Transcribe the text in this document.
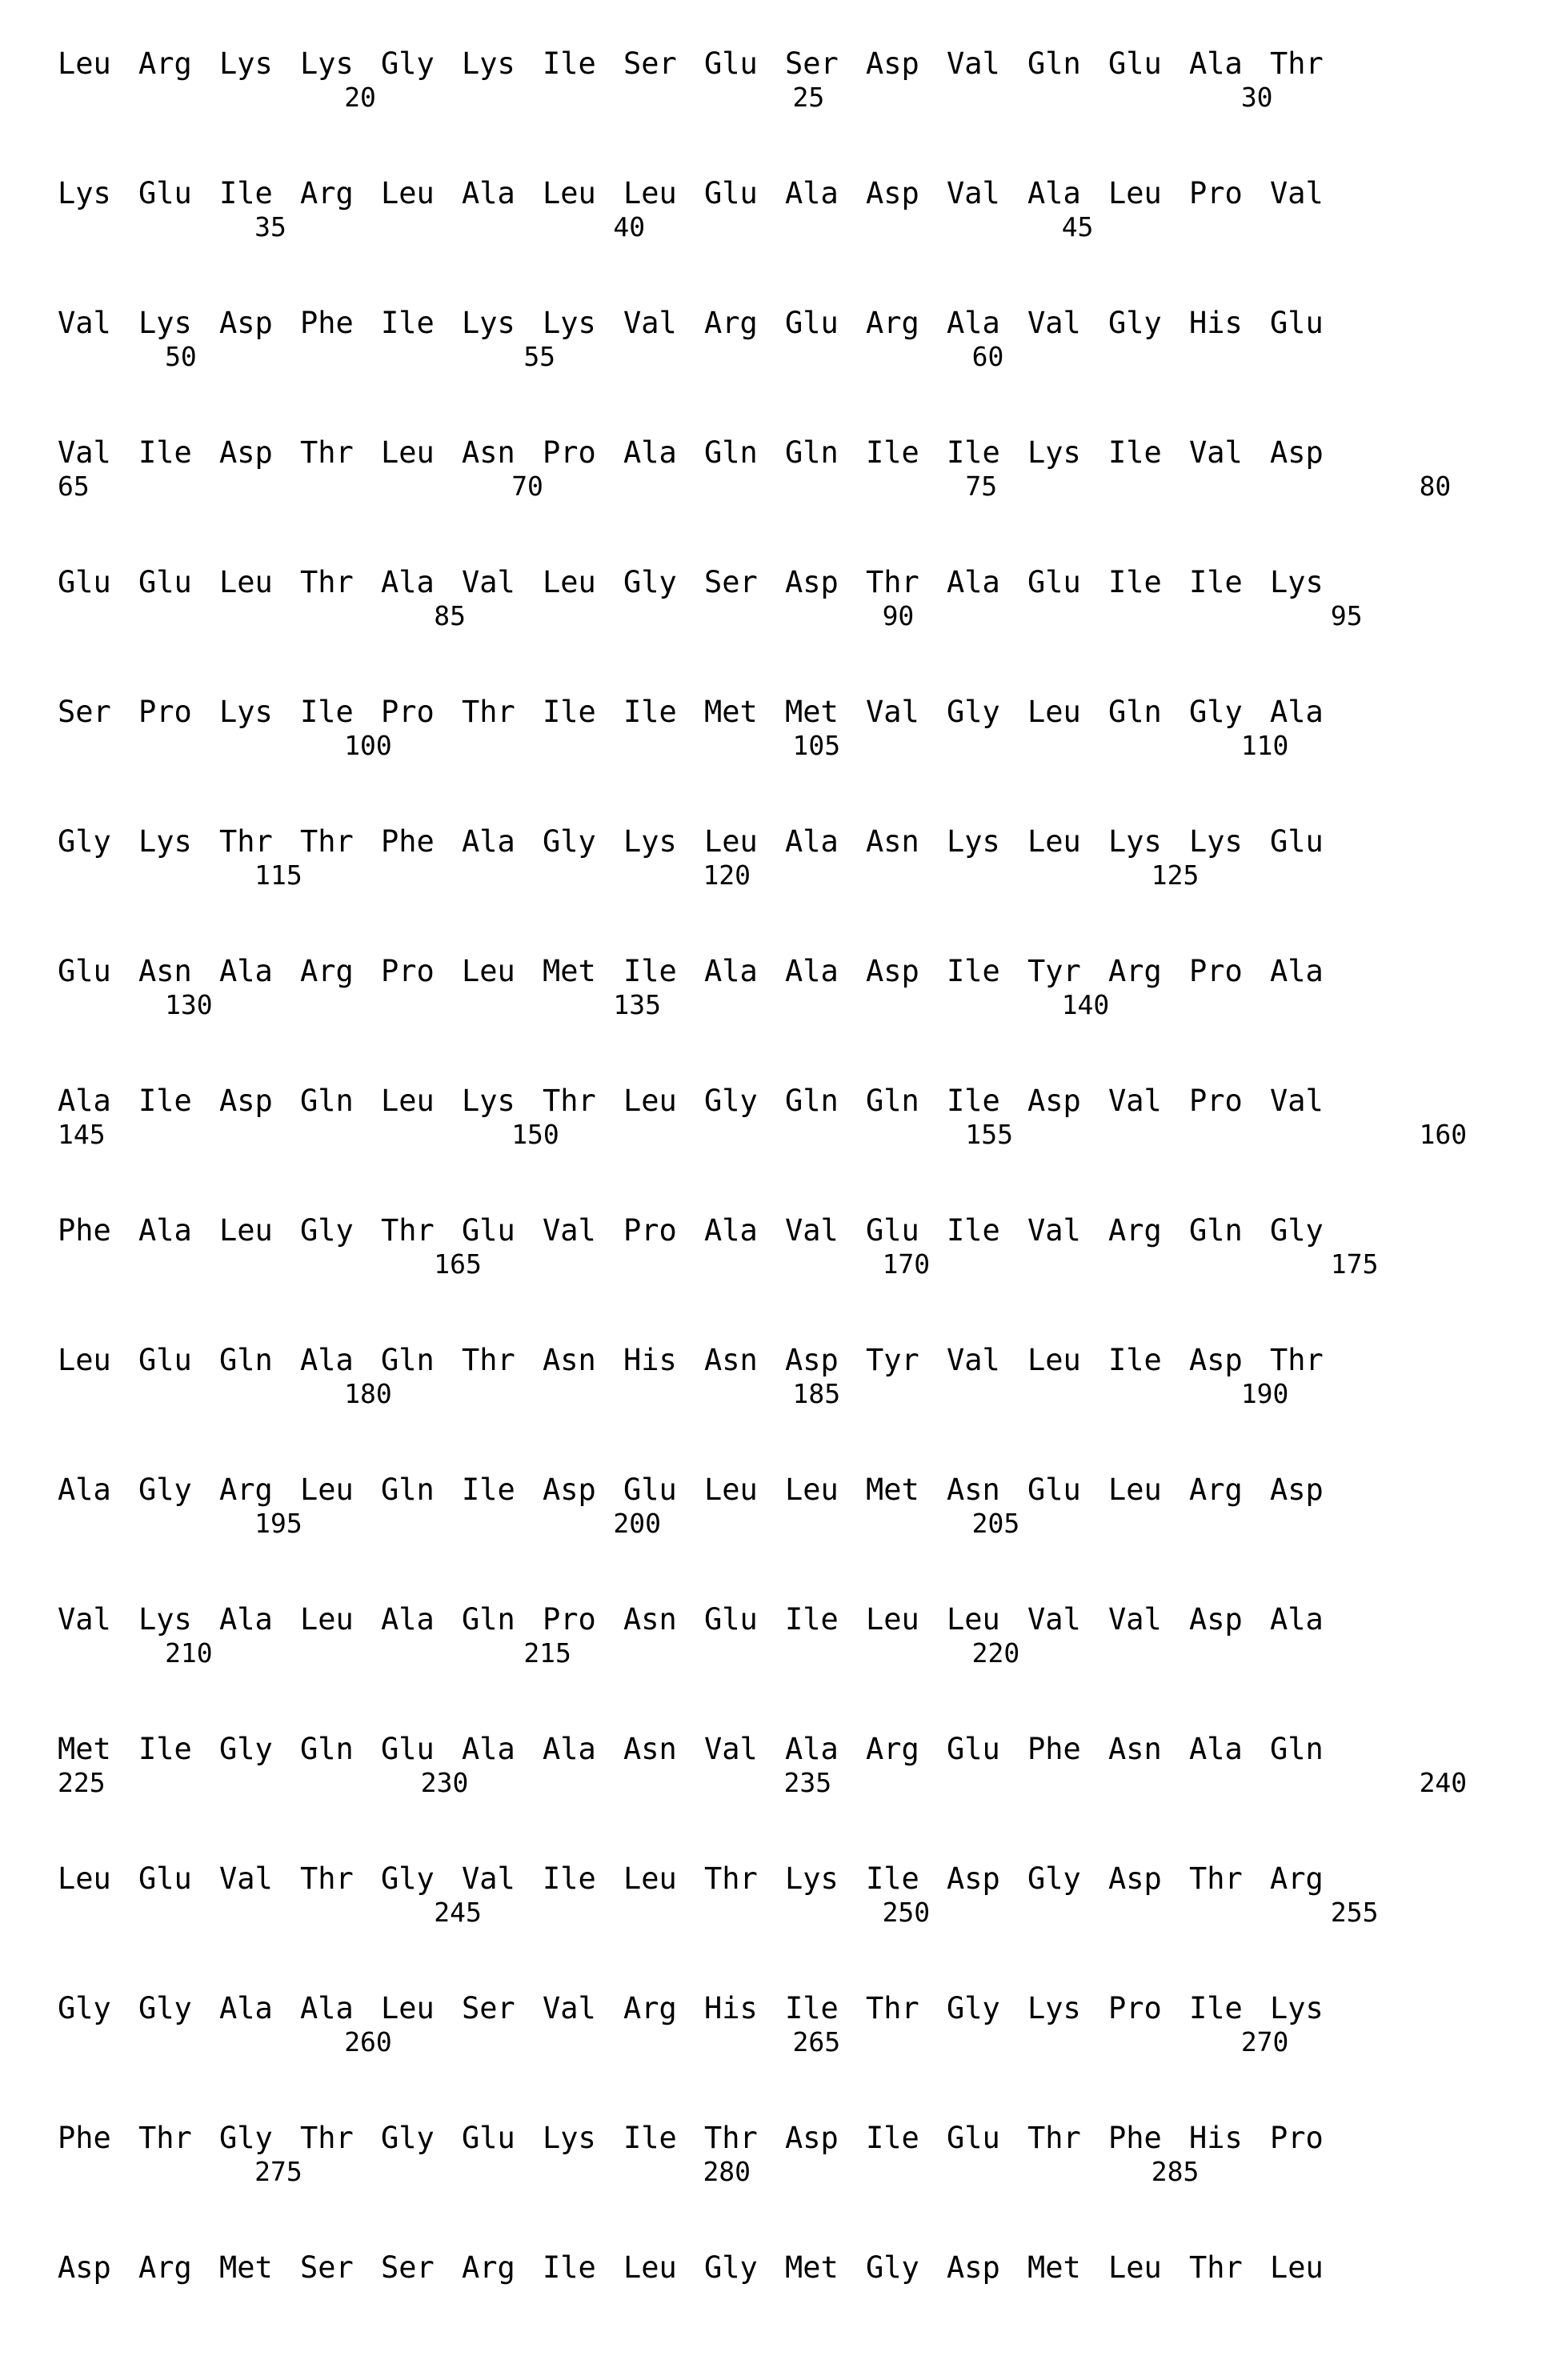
Leu Arg Lys Lys Gly Lys Ile Ser Glu Ser Asp Val Gln Glu Ala Thr
20	25	30
Lys Glu Ile Arg Leu Ala Leu Leu Glu Ala Asp Val Ala Leu Pro Val
35	40	45
Val Lys Asp Phe Ile Lys Lys Val Arg Glu Arg Ala Val Gly His Glu
50	55	60
Val Ile Asp Thr Leu Asn Pro Ala Gln Gln Ile Ile Lys Ile Val Asp
65	70	75	80
Glu Glu Leu Thr Ala Val Leu Gly Ser Asp Thr Ala Glu Ile Ile Lys
85	90	95
Ser Pro Lys Ile Pro Thr Ile Ile Met Met Val Gly Leu Gln Gly Ala
100	105	110
Gly Lys Thr Thr Phe Ala Gly Lys Leu Ala Asn Lys Leu Lys Lys Glu
115	120	125
Glu Asn Ala Arg Pro Leu Met Ile Ala Ala Asp Ile Tyr Arg Pro Ala
130	135	140
Ala Ile Asp Gln Leu Lys Thr Leu Gly Gln Gln Ile Asp Val Pro Val
145	150	155	160
Phe Ala Leu Gly Thr Glu Val Pro Ala Val Glu Ile Val Arg Gln Gly
165	170	175
Leu Glu Gln Ala Gln Thr Asn His Asn Asp Tyr Val Leu Ile Asp Thr
180	185	190
Ala Gly Arg Leu Gln Ile Asp Glu Leu Leu Met Asn Glu Leu Arg Asp
195	200	205
Val Lys Ala Leu Ala Gln Pro Asn Glu Ile Leu Leu Val Val Asp Ala
210	215	220
Met Ile Gly Gln Glu Ala Ala Asn Val Ala Arg Glu Phe Asn Ala Gln
225	230	235	240
Leu Glu Val Thr Gly Val Ile Leu Thr Lys Ile Asp Gly Asp Thr Arg
245	250	255
Gly Gly Ala Ala Leu Ser Val Arg His Ile Thr Gly Lys Pro Ile Lys
260	265	270
Phe Thr Gly Thr Gly Glu Lys Ile Thr Asp Ile Glu Thr Phe His Pro
275	280	285
Asp Arg Met Ser Ser Arg Ile Leu Gly Met Gly Asp Met Leu Thr Leu
